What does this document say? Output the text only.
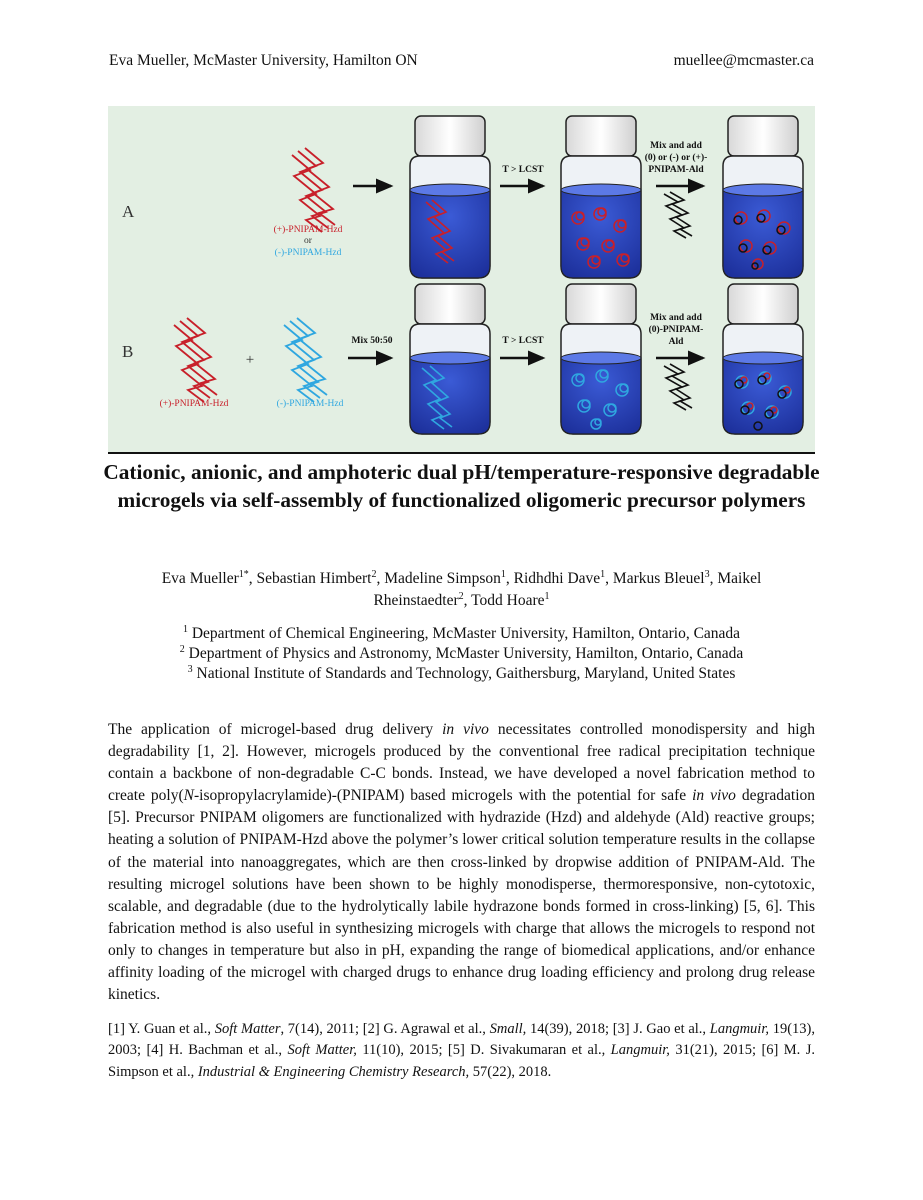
Eva Mueller, McMaster University, Hamilton ON	muellee@mcmaster.ca
A
B
(+)-PNIPAM-Hzd
or
(-)-PNIPAM-Hzd
T > LCST
Mix and add
(0) or (-) or (+)-
PNIPAM-Ald
+
(+)-PNIPAM-Hzd	(-)-PNIPAM-Hzd
Mix 50:50	T > LCST
Mix and add
(0)-PNIPAM-
Ald
Cationic, anionic, and amphoteric dual pH/temperature-responsive degradable microgels via self-assembly of functionalized oligomeric precursor polymers
Eva Mueller$^{1*}$, Sebastian Himbert$^2$, Madeline Simpson$^1$, Ridhdhi Dave$^1$, Markus Bleuel$^3$, Maikel Rheinstaedter$^2$, Todd Hoare$^1$
$^1$ Department of Chemical Engineering, McMaster University, Hamilton, Ontario, Canada
$^2$ Department of Physics and Astronomy, McMaster University, Hamilton, Ontario, Canada
$^3$ National Institute of Standards and Technology, Gaithersburg, Maryland, United States

The application of microgel-based drug delivery in vivo necessitates controlled monodispersity and high degradability [1, 2]. However, microgels produced by the conventional free radical precipitation technique contain a backbone of non-degradable C-C bonds. Instead, we have developed a novel fabrication method to create poly(N-isopropylacrylamide)-(PNIPAM) based microgels with the potential for safe in vivo degradation [5]. Precursor PNIPAM oligomers are functionalized with hydrazide (Hzd) and aldehyde (Ald) reactive groups; heating a solution of PNIPAM-Hzd above the polymer’s lower critical solution temperature results in the collapse of the material into nanoaggregates, which are then cross-linked by dropwise addition of PNIPAM-Ald. The resulting microgel solutions have been shown to be highly monodisperse, thermoresponsive, non-cytotoxic, scalable, and degradable (due to the hydrolytically labile hydrazone bonds formed in cross-linking) [5, 6]. This fabrication method is also useful in synthesizing microgels with charge that allows the microgels to respond not only to changes in temperature but also in pH, expanding the range of biomedical applications, and/or enhance affinity loading of the microgel with charged drugs to enhance drug loading efficiency and prolong drug release kinetics.

[1] Y. Guan et al., Soft Matter, 7(14), 2011; [2] G. Agrawal et al., Small, 14(39), 2018; [3] J. Gao et al., Langmuir, 19(13), 2003; [4] H. Bachman et al., Soft Matter, 11(10), 2015; [5] D. Sivakumaran et al., Langmuir, 31(21), 2015; [6] M. J. Simpson et al., Industrial & Engineering Chemistry Research, 57(22), 2018.
